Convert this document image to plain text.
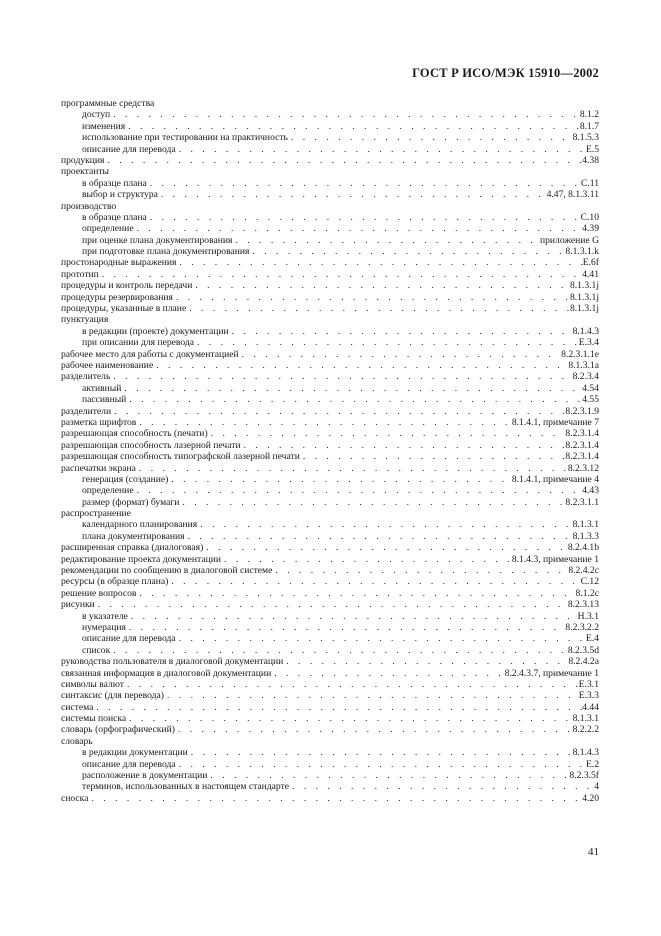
ГОСТ Р ИСО/МЭК 15910—2002
программные средства
доступ . . .	8.1.2
изменения . . .	8.1.7
использование при тестировании на практичность . . .	8.1.5.3
описание для перевода . . .	E.5
продукция . . .	4.38
проектанты
в образце плана . . .	C.11
выбор и структура . . .	4.47, 8.1.3.11
производство
в образце плана . . .	C.10
определение . . .	4.39
при оценке плана документирования . . .	приложение G
при подготовке плана документирования . . .	8.1.3.1.k
простонародные выражения . . .	E.6f
прототип . . .	4.41
процедуры и контроль передачи . . .	8.1.3.1j
процедуры резервирования . . .	8.1.3.1j
процедуры, указанные в плане . . .	8.1.3.1j
пунктуация
в редакции (проекте) документации . . .	8.1.4.3
при описании для перевода . . .	E.3.4
рабочее место для работы с документацией . . .	8.2.3.1.1e
рабочее наименование . . .	8.1.3.1a
разделитель . . .	8.2.3.4
активный . . .	4.54
пассивный . . .	4.55
разделители . . .	8.2.3.1.9
разметка шрифтов . . .	8.1.4.1, примечание 7
разрешающая способность (печати) . . .	8.2.3.1.4
разрешающая способность лазерной печати . . .	8.2.3.1.4
разрешающая способность типографской лазерной печати . . .	8.2.3.1.4
распечатки экрана . . .	8.2.3.12
генерация (создание) . . .	8.1.4.1, примечание 4
определение . . .	4.43
размер (формат) бумаги . . .	8.2.3.1.1
распространение
календарного планирования . . .	8.1.3.1
плана документирования . . .	8.1.3.3
расширенная справка (диалоговая) . . .	8.2.4.1b
редактирование проекта документации . . .	8.1.4.3, примечание 1
рекомендации по сообщению в диалоговой системе . . .	8.2.4.2c
ресурсы (в образце плана) . . .	C.12
решение вопросов . . .	8.1.2c
рисунки . . .	8.2.3.13
в указателе . . .	H.3.1
нумерация . . .	8.2.3.2.2
описание для перевода . . .	E.4
список . . .	8.2.3.5d
руководства пользователя в диалоговой документации . . .	8.2.4.2a
связанная информация в диалоговой документации . . .	8.2.4.3.7, примечание 1
символы валют . . .	E.3.1
синтаксис (для перевода) . . .	E.3.3
система . . .	4.44
системы поиска . . .	8.1.3.1
словарь (орфографический) . . .	8.2.2.2
словарь
в редакции документации . . .	8.1.4.3
описание для перевода . . .	E.2
расположение в документации . . .	8.2.3.5f
терминов, использованных в настоящем стандарте . . .	4
сноска . . .	4.20
41
